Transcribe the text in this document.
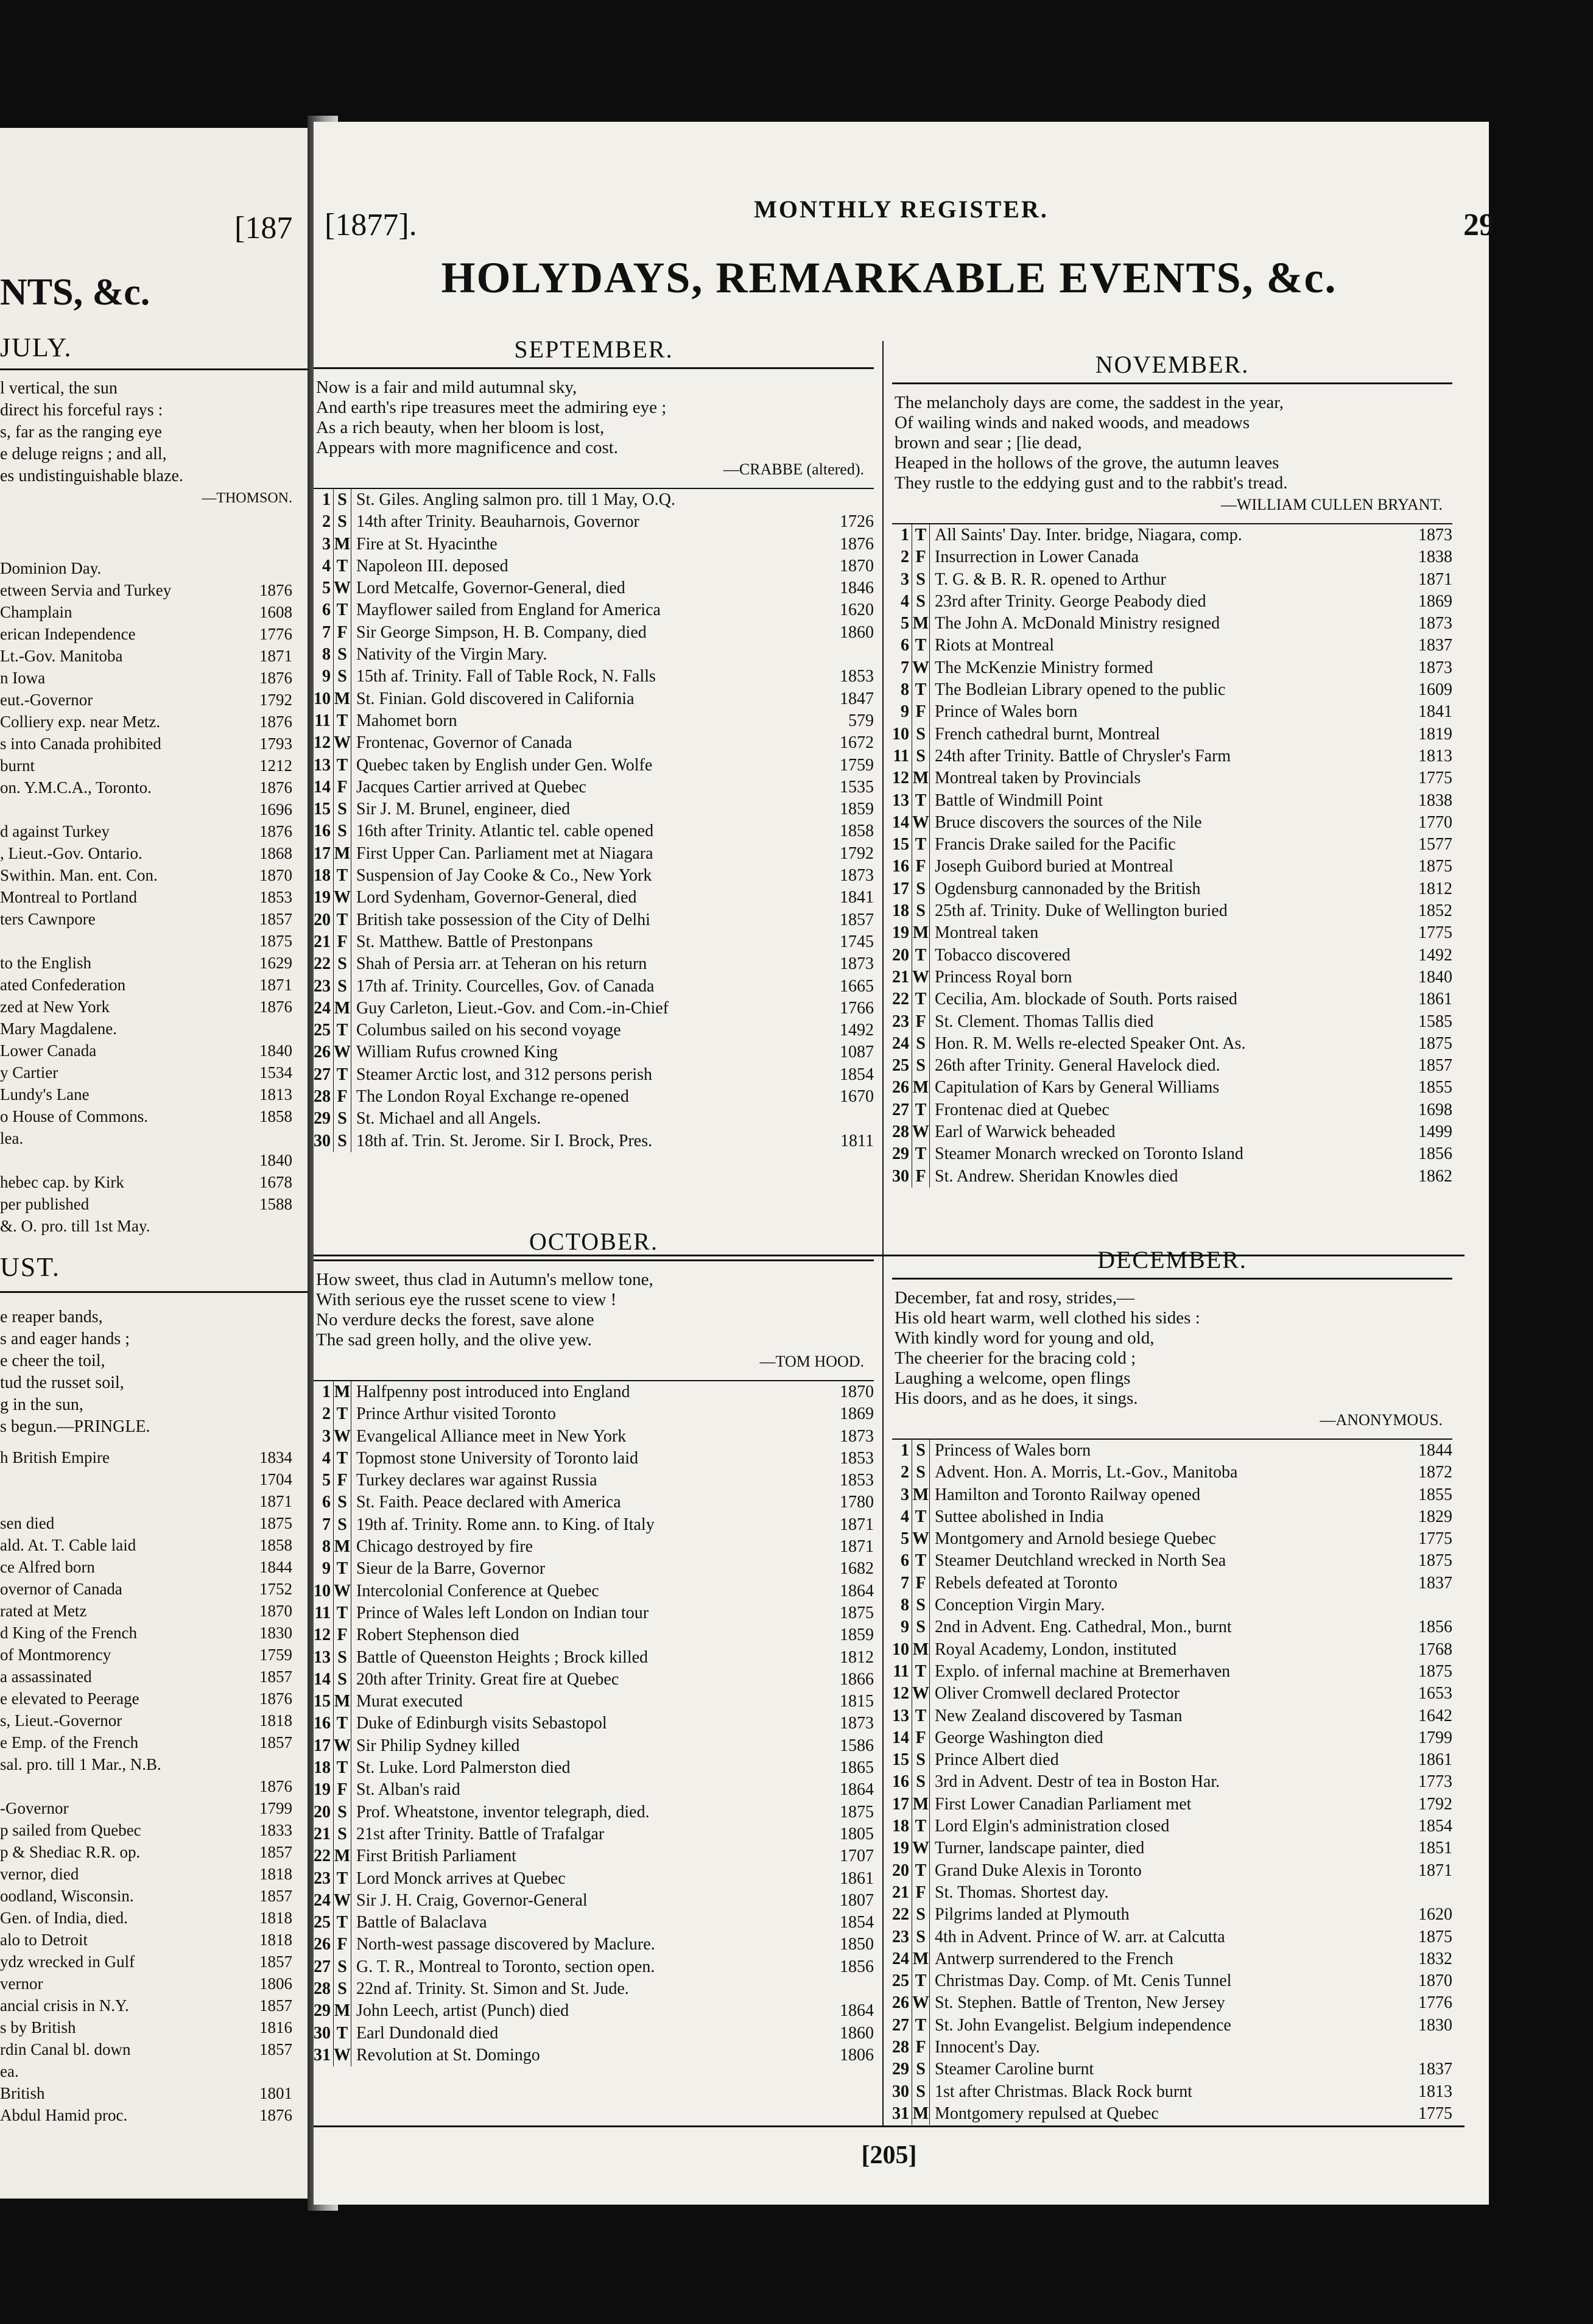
[187
NTS, &c.
JULY.
l vertical, the sun
direct his forceful rays :
s, far as the ranging eye
e deluge reigns ; and all,
es undistinguishable blaze.
—THOMSON.
Dominion Day.
etween Servia and Turkey	1876
Champlain	1608
erican Independence	1776
Lt.-Gov. Manitoba	1871
n Iowa	1876
eut.-Governor	1792
Colliery exp. near Metz.	1876
s into Canada prohibited	1793
burnt	1212
on. Y.M.C.A., Toronto.	1876
1696
d against Turkey	1876
, Lieut.-Gov. Ontario.	1868
Swithin. Man. ent. Con.	1870
Montreal to Portland	1853
ters Cawnpore	1857
1875
to the English	1629
ated Confederation	1871
zed at New York	1876
Mary Magdalene.
Lower Canada	1840
y Cartier	1534
Lundy's Lane	1813
o House of Commons.	1858
lea.
1840
hebec cap. by Kirk	1678
per published	1588
&. O. pro. till 1st May.
UST.
e reaper bands,
s and eager hands ;
e cheer the toil,
tud the russet soil,
g in the sun,
s begun.—PRINGLE.
h British Empire	1834
1704
1871
sen died	1875
ald. At. T. Cable laid	1858
ce Alfred born	1844
overnor of Canada	1752
rated at Metz	1870
d King of the French	1830
of Montmorency	1759
a assassinated	1857
e elevated to Peerage	1876
s, Lieut.-Governor	1818
e Emp. of the French	1857
sal. pro. till 1 Mar., N.B.
1876
-Governor	1799
p sailed from Quebec	1833
p & Shediac R.R. op.	1857
vernor, died	1818
oodland, Wisconsin.	1857
Gen. of India, died.	1818
alo to Detroit	1818
ydz wrecked in Gulf	1857
vernor	1806
ancial crisis in N.Y.	1857
s by British	1816
rdin Canal bl. down	1857
ea.
British	1801
Abdul Hamid proc.	1876
[1877].	MONTHLY REGISTER.	29
HOLYDAYS, REMARKABLE EVENTS, &c.
SEPTEMBER.
Now is a fair and mild autumnal sky,
And earth's ripe treasures meet the admiring eye ;
As a rich beauty, when her bloom is lost,
Appears with more magnificence and cost.
—CRABBE (altered).
1 S St. Giles. Angling salmon pro. till 1 May, O.Q.
2 S 14th after Trinity. Beauharnois, Governor	1726
3 M Fire at St. Hyacinthe	1876
4 T Napoleon III. deposed	1870
5 W Lord Metcalfe, Governor-General, died	1846
6 T Mayflower sailed from England for America	1620
7 F Sir George Simpson, H. B. Company, died	1860
8 S Nativity of the Virgin Mary.
9 S 15th af. Trinity. Fall of Table Rock, N. Falls	1853
10 M St. Finian. Gold discovered in California	1847
11 T Mahomet born	579
12 W Frontenac, Governor of Canada	1672
13 T Quebec taken by English under Gen. Wolfe	1759
14 F Jacques Cartier arrived at Quebec	1535
15 S Sir J. M. Brunel, engineer, died	1859
16 S 16th after Trinity. Atlantic tel. cable opened	1858
17 M First Upper Can. Parliament met at Niagara	1792
18 T Suspension of Jay Cooke & Co., New York	1873
19 W Lord Sydenham, Governor-General, died	1841
20 T British take possession of the City of Delhi	1857
21 F St. Matthew. Battle of Prestonpans	1745
22 S Shah of Persia arr. at Teheran on his return	1873
23 S 17th af. Trinity. Courcelles, Gov. of Canada	1665
24 M Guy Carleton, Lieut.-Gov. and Com.-in-Chief	1766
25 T Columbus sailed on his second voyage	1492
26 W William Rufus crowned King	1087
27 T Steamer Arctic lost, and 312 persons perish	1854
28 F The London Royal Exchange re-opened	1670
29 S St. Michael and all Angels.
30 S 18th af. Trin. St. Jerome. Sir I. Brock, Pres.	1811
NOVEMBER.
The melancholy days are come, the saddest in the year,
Of wailing winds and naked woods, and meadows
brown and sear ; [lie dead,
Heaped in the hollows of the grove, the autumn leaves
They rustle to the eddying gust and to the rabbit's tread.
—WILLIAM CULLEN BRYANT.
1 T All Saints' Day. Inter. bridge, Niagara, comp.	1873
2 F Insurrection in Lower Canada	1838
3 S T. G. & B. R. R. opened to Arthur	1871
4 S 23rd after Trinity. George Peabody died	1869
5 M The John A. McDonald Ministry resigned	1873
6 T Riots at Montreal	1837
7 W The McKenzie Ministry formed	1873
8 T The Bodleian Library opened to the public	1609
9 F Prince of Wales born	1841
10 S French cathedral burnt, Montreal	1819
11 S 24th after Trinity. Battle of Chrysler's Farm	1813
12 M Montreal taken by Provincials	1775
13 T Battle of Windmill Point	1838
14 W Bruce discovers the sources of the Nile	1770
15 T Francis Drake sailed for the Pacific	1577
16 F Joseph Guibord buried at Montreal	1875
17 S Ogdensburg cannonaded by the British	1812
18 S 25th af. Trinity. Duke of Wellington buried	1852
19 M Montreal taken	1775
20 T Tobacco discovered	1492
21 W Princess Royal born	1840
22 T Cecilia, Am. blockade of South. Ports raised	1861
23 F St. Clement. Thomas Tallis died	1585
24 S Hon. R. M. Wells re-elected Speaker Ont. As.	1875
25 S 26th after Trinity. General Havelock died.	1857
26 M Capitulation of Kars by General Williams	1855
27 T Frontenac died at Quebec	1698
28 W Earl of Warwick beheaded	1499
29 T Steamer Monarch wrecked on Toronto Island	1856
30 F St. Andrew. Sheridan Knowles died	1862
OCTOBER.
How sweet, thus clad in Autumn's mellow tone,
With serious eye the russet scene to view !
No verdure decks the forest, save alone
The sad green holly, and the olive yew.
—TOM HOOD.
1 M Halfpenny post introduced into England	1870
2 T Prince Arthur visited Toronto	1869
3 W Evangelical Alliance meet in New York	1873
4 T Topmost stone University of Toronto laid	1853
5 F Turkey declares war against Russia	1853
6 S St. Faith. Peace declared with America	1780
7 S 19th af. Trinity. Rome ann. to King. of Italy	1871
8 M Chicago destroyed by fire	1871
9 T Sieur de la Barre, Governor	1682
10 W Intercolonial Conference at Quebec	1864
11 T Prince of Wales left London on Indian tour	1875
12 F Robert Stephenson died	1859
13 S Battle of Queenston Heights ; Brock killed	1812
14 S 20th after Trinity. Great fire at Quebec	1866
15 M Murat executed	1815
16 T Duke of Edinburgh visits Sebastopol	1873
17 W Sir Philip Sydney killed	1586
18 T St. Luke. Lord Palmerston died	1865
19 F St. Alban's raid	1864
20 S Prof. Wheatstone, inventor telegraph, died.	1875
21 S 21st after Trinity. Battle of Trafalgar	1805
22 M First British Parliament	1707
23 T Lord Monck arrives at Quebec	1861
24 W Sir J. H. Craig, Governor-General	1807
25 T Battle of Balaclava	1854
26 F North-west passage discovered by Maclure.	1850
27 S G. T. R., Montreal to Toronto, section open.	1856
28 S 22nd af. Trinity. St. Simon and St. Jude.
29 M John Leech, artist (Punch) died	1864
30 T Earl Dundonald died	1860
31 W Revolution at St. Domingo	1806
DECEMBER.
December, fat and rosy, strides,—
His old heart warm, well clothed his sides :
With kindly word for young and old,
The cheerier for the bracing cold ;
Laughing a welcome, open flings
His doors, and as he does, it sings.
—ANONYMOUS.
1 S Princess of Wales born	1844
2 S Advent. Hon. A. Morris, Lt.-Gov., Manitoba	1872
3 M Hamilton and Toronto Railway opened	1855
4 T Suttee abolished in India	1829
5 W Montgomery and Arnold besiege Quebec	1775
6 T Steamer Deutchland wrecked in North Sea	1875
7 F Rebels defeated at Toronto	1837
8 S Conception Virgin Mary.
9 S 2nd in Advent. Eng. Cathedral, Mon., burnt	1856
10 M Royal Academy, London, instituted	1768
11 T Explo. of infernal machine at Bremerhaven	1875
12 W Oliver Cromwell declared Protector	1653
13 T New Zealand discovered by Tasman	1642
14 F George Washington died	1799
15 S Prince Albert died	1861
16 S 3rd in Advent. Destr of tea in Boston Har.	1773
17 M First Lower Canadian Parliament met	1792
18 T Lord Elgin's administration closed	1854
19 W Turner, landscape painter, died	1851
20 T Grand Duke Alexis in Toronto	1871
21 F St. Thomas. Shortest day.
22 S Pilgrims landed at Plymouth	1620
23 S 4th in Advent. Prince of W. arr. at Calcutta	1875
24 M Antwerp surrendered to the French	1832
25 T Christmas Day. Comp. of Mt. Cenis Tunnel	1870
26 W St. Stephen. Battle of Trenton, New Jersey	1776
27 T St. John Evangelist. Belgium independence	1830
28 F Innocent's Day.
29 S Steamer Caroline burnt	1837
30 S 1st after Christmas. Black Rock burnt	1813
31 M Montgomery repulsed at Quebec	1775
[205]
